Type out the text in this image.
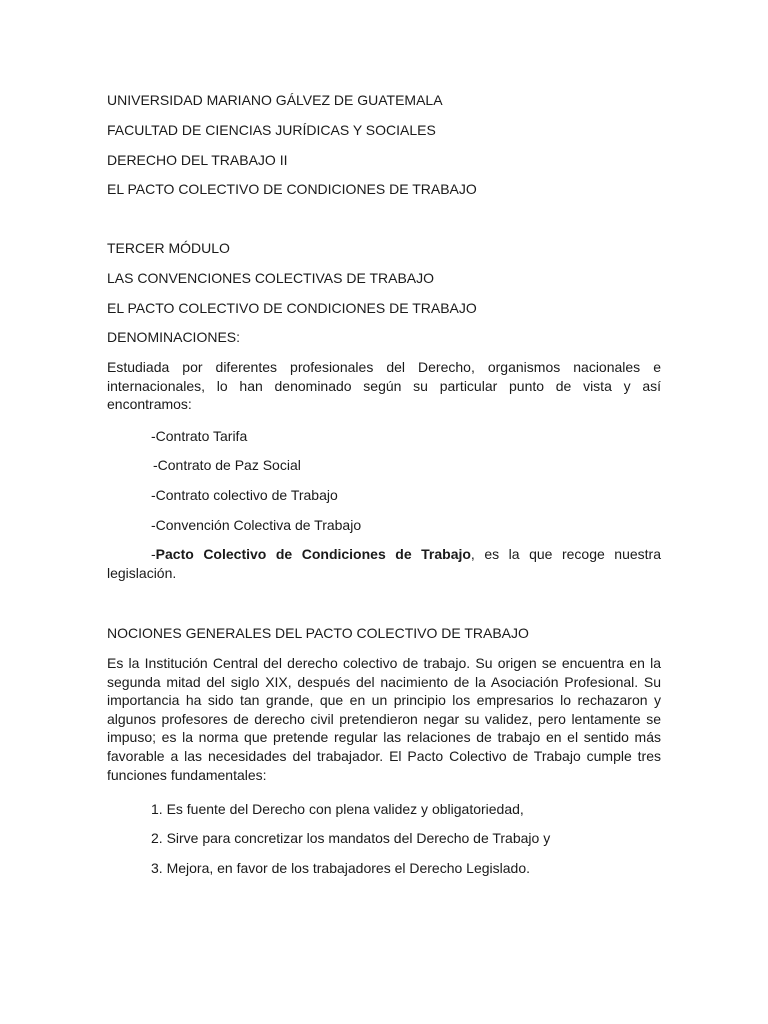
UNIVERSIDAD MARIANO GÁLVEZ DE GUATEMALA
FACULTAD DE CIENCIAS JURÍDICAS Y SOCIALES
DERECHO DEL TRABAJO II
EL PACTO COLECTIVO DE CONDICIONES DE TRABAJO
TERCER MÓDULO
LAS CONVENCIONES COLECTIVAS DE TRABAJO
EL PACTO COLECTIVO DE CONDICIONES DE TRABAJO
DENOMINACIONES:
Estudiada por diferentes profesionales del Derecho, organismos nacionales e internacionales, lo han denominado según su particular punto de vista y así encontramos:
-Contrato Tarifa
-Contrato de Paz Social
-Contrato colectivo de Trabajo
-Convención Colectiva de Trabajo
-Pacto Colectivo de Condiciones de Trabajo, es la que recoge nuestra legislación.
NOCIONES GENERALES DEL PACTO COLECTIVO DE TRABAJO
Es la Institución Central del derecho colectivo de trabajo. Su origen se encuentra en la segunda mitad del siglo XIX, después del nacimiento de la Asociación Profesional. Su importancia ha sido tan grande, que en un principio los empresarios lo rechazaron y algunos profesores de derecho civil pretendieron negar su validez, pero lentamente se impuso; es la norma que pretende regular las relaciones de trabajo en el sentido más favorable a las necesidades del trabajador. El Pacto Colectivo de Trabajo cumple tres funciones fundamentales:
1. Es fuente del Derecho con plena validez y obligatoriedad,
2. Sirve para concretizar los mandatos del Derecho de Trabajo y
3. Mejora, en favor de los trabajadores el Derecho Legislado.
